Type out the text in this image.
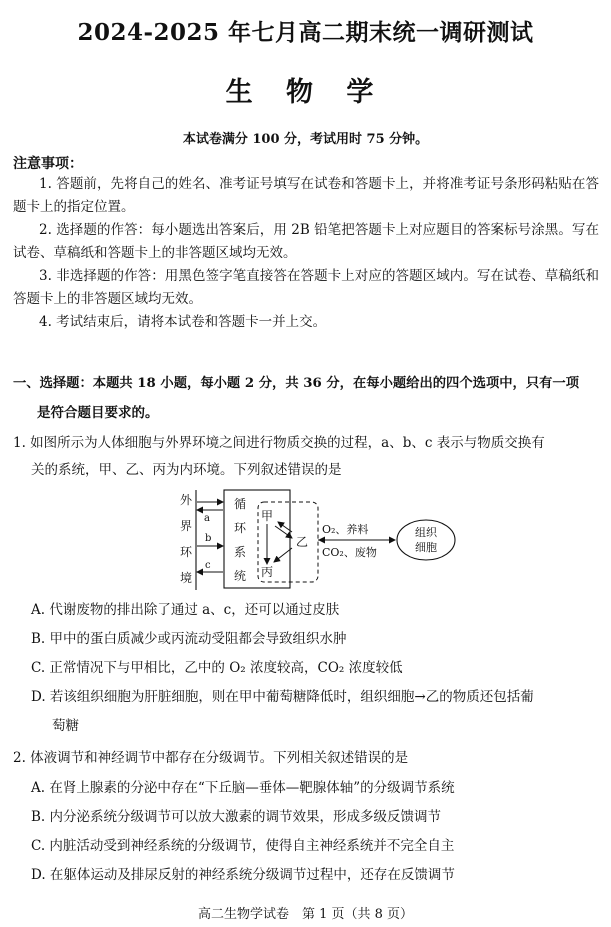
2024-2025 年七月高二期末统一调研测试
生 物 学
本试卷满分 100 分，考试用时 75 分钟。
注意事项：
1. 答题前，先将自己的姓名、准考证号填写在试卷和答题卡上，并将准考证号条形码粘贴在答题卡上的指定位置。
2. 选择题的作答：每小题选出答案后，用 2B 铅笔把答题卡上对应题目的答案标号涂黑。写在试卷、草稿纸和答题卡上的非答题区域均无效。
3. 非选择题的作答：用黑色签字笔直接答在答题卡上对应的答题区域内。写在试卷、草稿纸和答题卡上的非答题区域均无效。
4. 考试结束后，请将本试卷和答题卡一并上交。
一、选择题：本题共 18 小题，每小题 2 分，共 36 分，在每小题给出的四个选项中，只有一项
是符合题目要求的。
1. 如图所示为人体细胞与外界环境之间进行物质交换的过程，a、b、c 表示与物质交换有
关的系统，甲、乙、丙为内环境。下列叙述错误的是
外
界
环
境
循
环
系
统
a
b
c
甲
丙
乙
O₂、养料
CO₂、废物
组织
细胞
A. 代谢废物的排出除了通过 a、c，还可以通过皮肤
B. 甲中的蛋白质减少或丙流动受阻都会导致组织水肿
C. 正常情况下与甲相比，乙中的 O₂ 浓度较高，CO₂ 浓度较低
D. 若该组织细胞为肝脏细胞，则在甲中葡萄糖降低时，组织细胞→乙的物质还包括葡
萄糖
2. 体液调节和神经调节中都存在分级调节。下列相关叙述错误的是
A. 在肾上腺素的分泌中存在“下丘脑—垂体—靶腺体轴”的分级调节系统
B. 内分泌系统分级调节可以放大激素的调节效果，形成多级反馈调节
C. 内脏活动受到神经系统的分级调节，使得自主神经系统并不完全自主
D. 在躯体运动及排尿反射的神经系统分级调节过程中，还存在反馈调节
高二生物学试卷　第 1 页（共 8 页）
